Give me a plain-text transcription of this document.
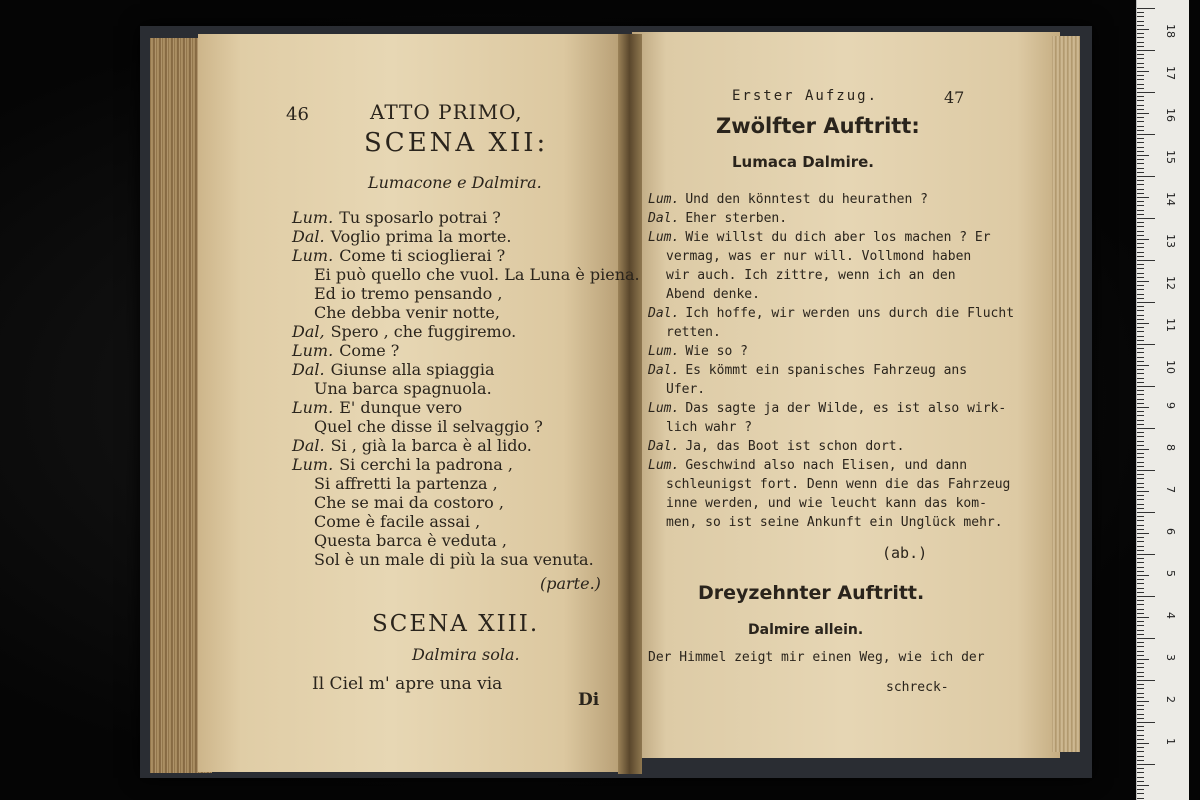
46	ATTO PRIMO,
SCENA XII:
Lumacone e Dalmira.
Lum. Tu sposarlo potrai ?
Dal. Voglio prima la morte.
Lum. Come ti scioglierai ?
Ei può quello che vuol. La Luna è piena.
Ed io tremo pensando ,
Che debba venir notte,
Dal, Spero , che fuggiremo.
Lum. Come ?
Dal. Giunse alla spiaggia
Una barca spagnuola.
Lum. E' dunque vero
Quel che disse il selvaggio ?
Dal. Si , già la barca è al lido.
Lum. Si cerchi la padrona ,
Si affretti la partenza ,
Che se mai da costoro ,
Come è facile assai ,
Questa barca è veduta ,
Sol è un male di più la sua venuta.
(parte.)
SCENA XIII.
Dalmira sola.
Il Ciel m' apre una via
Di
Erster Aufzug.	47
Zwölfter Auftritt:
Lumaca Dalmire.
Lum. Und den könntest du heurathen ?
Dal. Eher sterben.
Lum. Wie willst du dich aber los machen ? Er
vermag, was er nur will. Vollmond haben
wir auch. Ich zittre, wenn ich an den
Abend denke.
Dal. Ich hoffe, wir werden uns durch die Flucht
retten.
Lum. Wie so ?
Dal. Es kömmt ein spanisches Fahrzeug ans
Ufer.
Lum. Das sagte ja der Wilde, es ist also wirk-
lich wahr ?
Dal. Ja, das Boot ist schon dort.
Lum. Geschwind also nach Elisen, und dann
schleunigst fort. Denn wenn die das Fahrzeug
inne werden, und wie leucht kann das kom-
men, so ist seine Ankunft ein Unglück mehr.
(ab.)
Dreyzehnter Auftritt.
Dalmire allein.
Der Himmel zeigt mir einen Weg, wie ich der
schreck-
18
17
16
15
14
13
12
11
10
9
8
7
6
5
4
3
2
1
